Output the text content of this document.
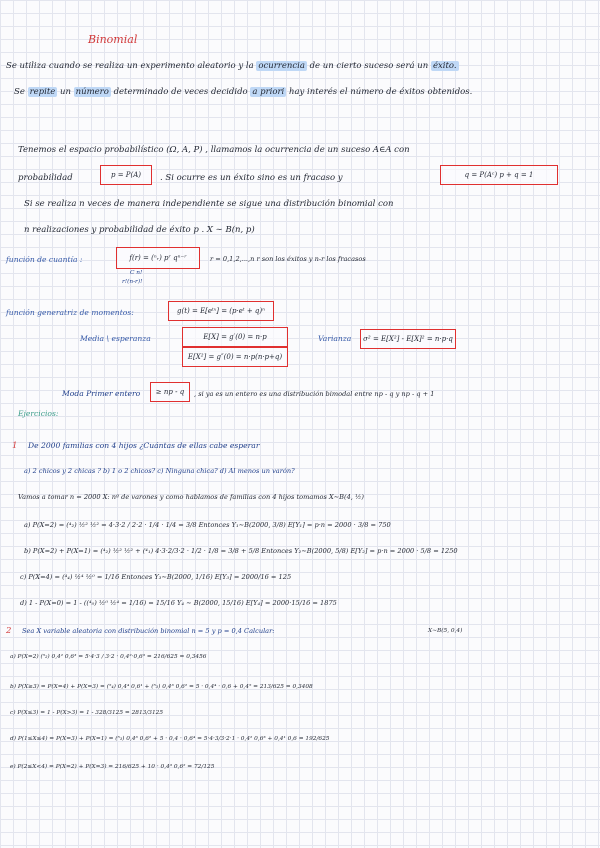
Binomial
Se utiliza cuando se realiza un experimento aleatorio y la ocurrencia de un cierto suceso será un éxito.
Se repite un número determinado de veces decidido a priori hay interés el número de éxitos obtenidos.
Tenemos el espacio probabilístico (Ω, A, P) , llamamos la ocurrencia de un suceso A∈A con
probabilidad	p = P(A)	. Si ocurre es un éxito sino es un fracaso y	q = P(Aᶜ) p + q = 1
Si se realiza n veces de manera independiente se sigue una distribución binomial con
n realizaciones y probabilidad de éxito p . X ∼ B(n, p)
función de cuantía :	f(r) = (ⁿᵣ) pʳ qⁿ⁻ʳ	r = 0,1,2,...,n r son los éxitos y n-r los fracasos
C n!
r!(n-r)!
función generatriz de momentos:	g(t) = E[eᵗˣ] = (p·eᵗ + q)ⁿ
Media \ esperanza	E[X] = g′(0) = n·p
E[X²] = g″(0) = n·p(n·p+q)
Varianza	σ² = E[X²] - E[X]² = n·p·q
Moda Primer entero	≥ np - q	, si ya es un entero es una distribución bimodal entre np - q y np - q + 1
Ejercicios:
1 De 2000 familias con 4 hijos ¿Cuántas de ellas cabe esperar
a) 2 chicos y 2 chicas ? b) 1 o 2 chicos? c) Ninguna chica? d) Al menos un varón?
Vamos a tomar n = 2000 X: nº de varones y como hablamos de familias con 4 hijos tomamos X∼B(4, ½)
a) P(X=2) = (⁴₂) ½² ½² = 4·3·2 / 2·2 · 1/4 · 1/4 = 3/8 Entonces Y₁∼B(2000, 3/8) E[Y₁] = p·n = 2000 · 3/8 = 750
b) P(X=2) + P(X=1) = (⁴₂) ½² ½² + (⁴₁) 4·3·2/3·2 · 1/2 · 1/8 = 3/8 + 5/8 Entonces Y₂∼B(2000, 5/8) E[Y₂] = p·n = 2000 · 5/8 = 1250
c) P(X=4) = (⁴₄) ½⁴ ½⁰ = 1/16 Entonces Y₃∼B(2000, 1/16) E[Y₃] = 2000/16 = 125
d) 1 - P(X=0) = 1 - ((⁴₀) ½⁰ ½⁴ = 1/16) = 15/16 Y₄ ∼ B(2000, 15/16) E[Y₄] = 2000·15/16 = 1875
2 Sea X variable aleatoria con distribución binomial n = 5 y p = 0,4 Calcular:	X∼B(5, 0,4)
a) P(X=2) (⁵₂) 0,4² 0,6³ = 5·4·3 / 3·2 · 0,4²·0,6³ = 216/625 = 0,3456
b) P(X≥3) = P(X=4) + P(X=3) = (⁵₄) 0,4⁴ 0,6¹ + (⁵₃) 0,4³ 0,6² = 5 · 0,4⁴ · 0,6 + 0,4⁵ = 213/625 = 0,3408
c) P(X≤3) = 1 - P(X>3) = 1 - 328/3125 = 2813/3125
d) P(1≤X≤4) = P(X=3) + P(X=1) = (⁵₃) 0,4³ 0,6² + 5 · 0,4 · 0,6⁴ = 5·4·3/3·2·1 · 0,4² 0,6³ + 0,4¹ 0,6 = 192/625
e) P(2≤X<4) = P(X=2) + P(X=3) = 216/625 + 10 · 0,4³ 0,6² = 72/125
